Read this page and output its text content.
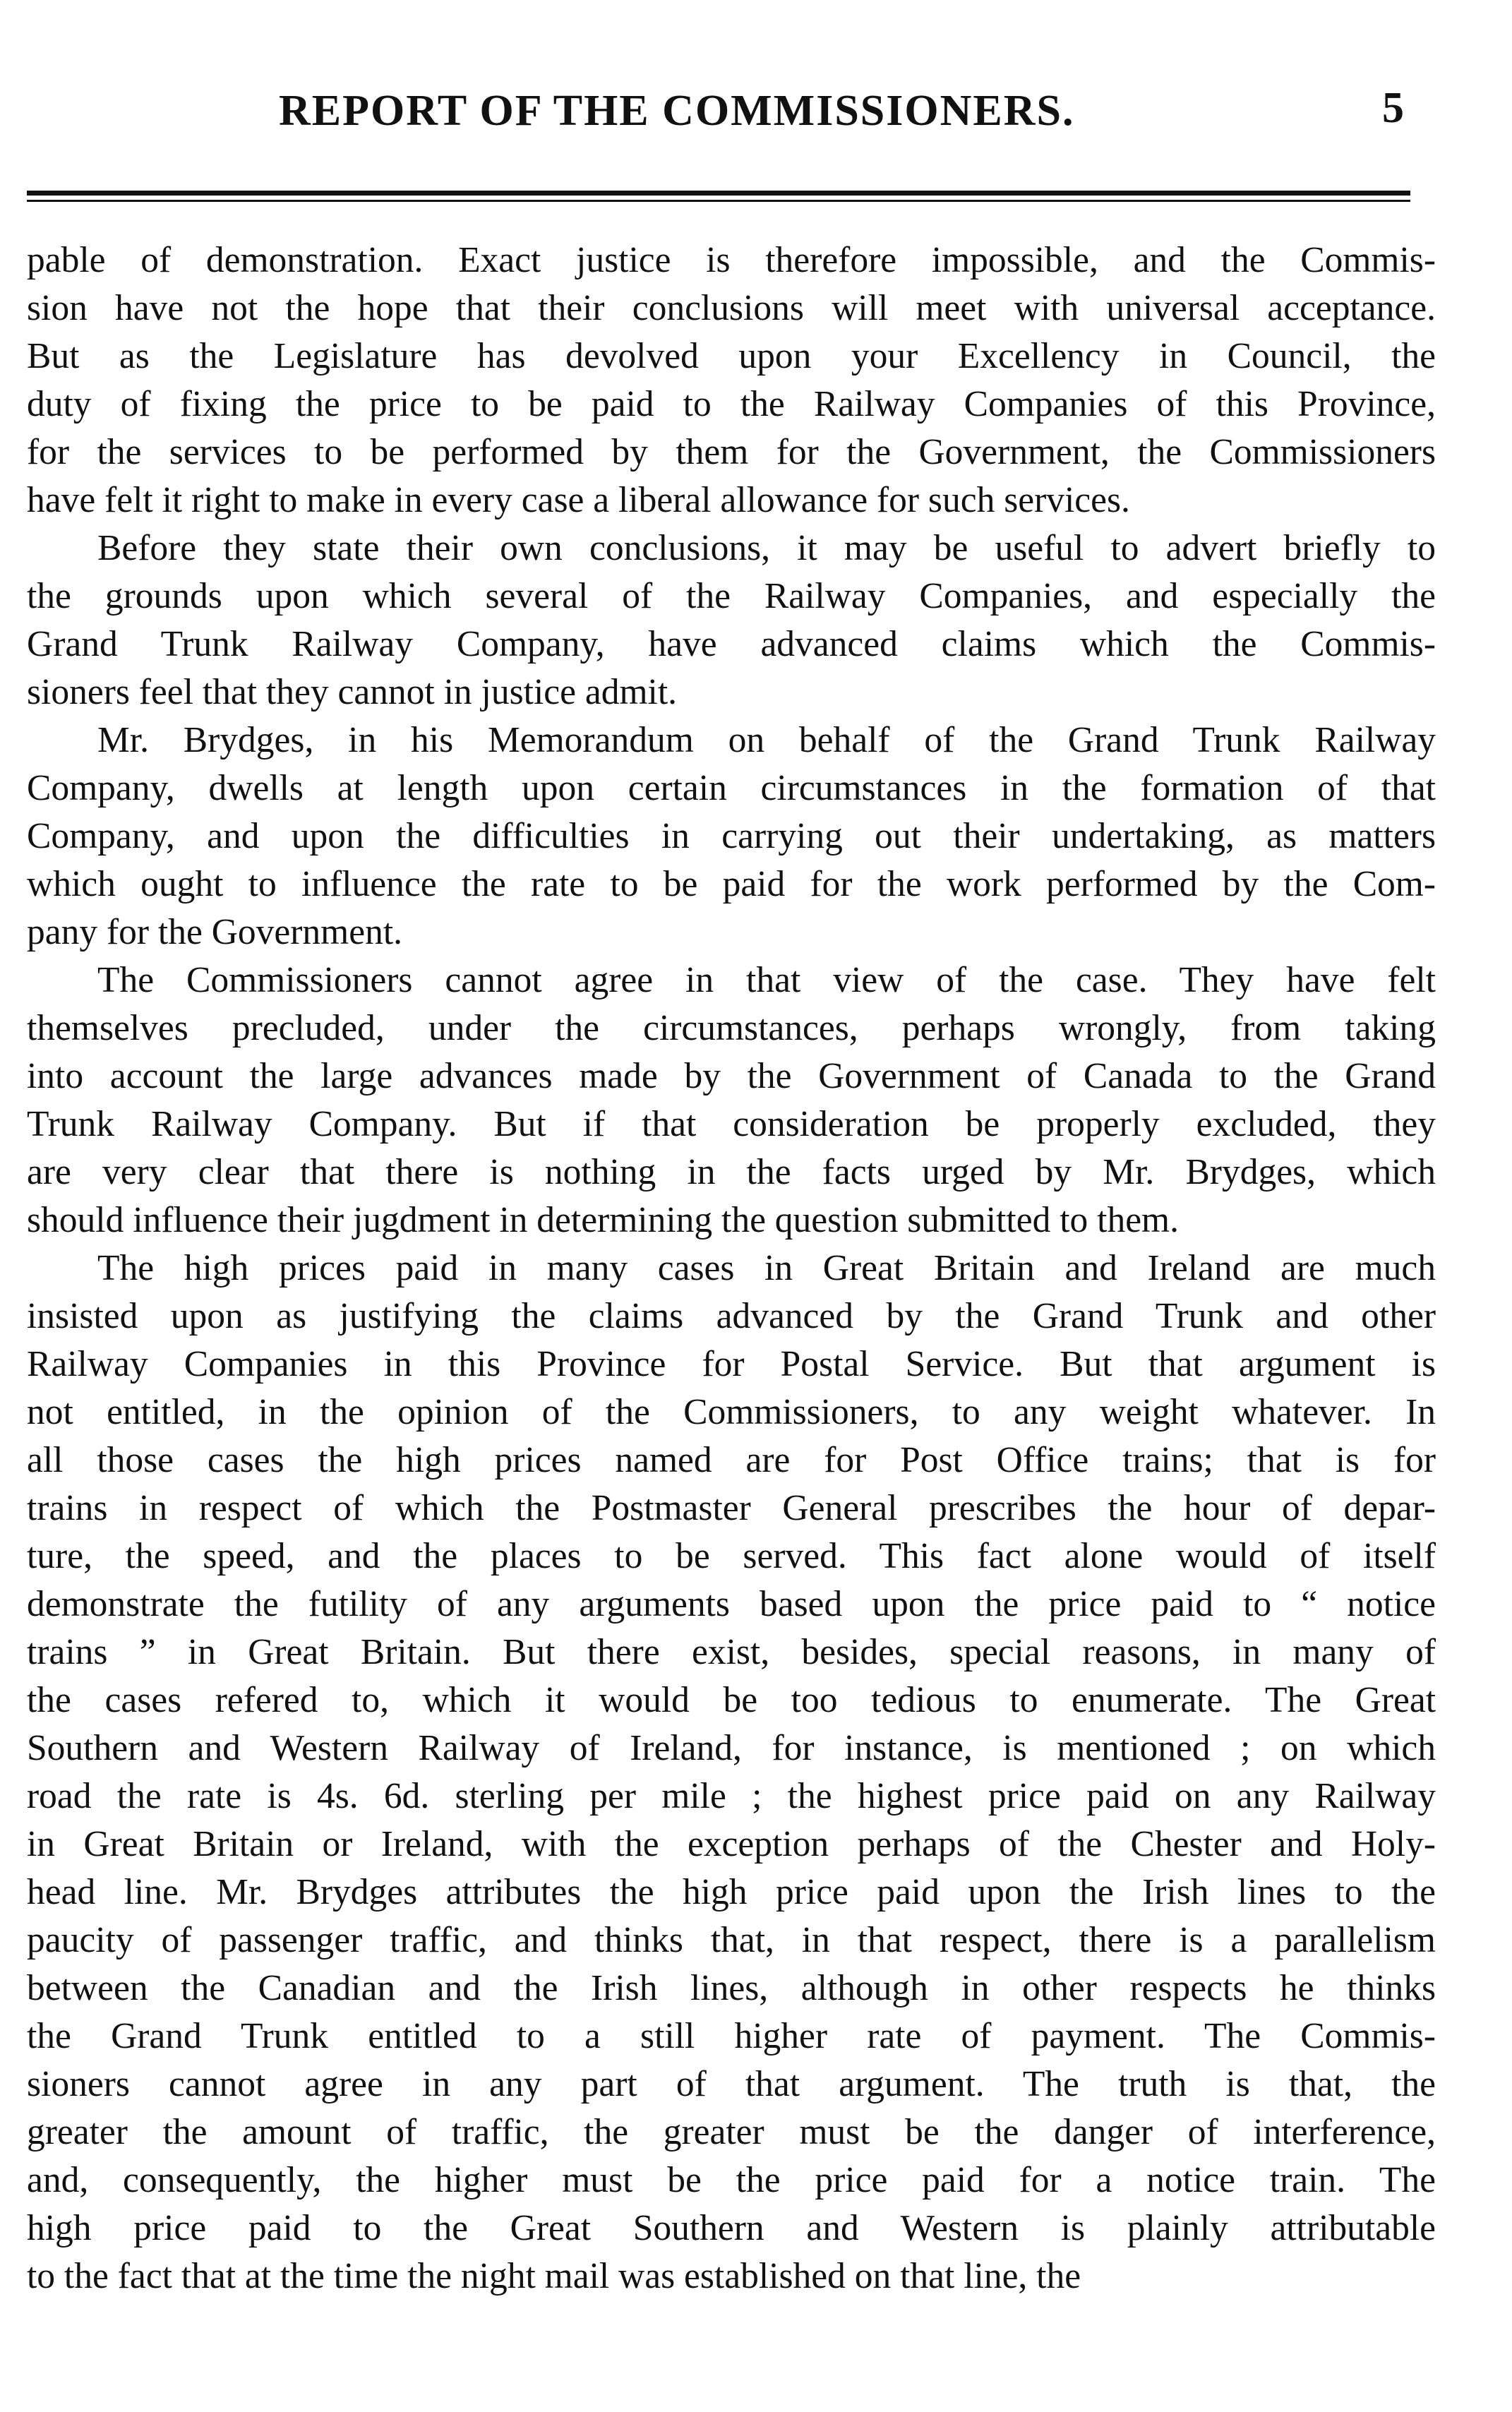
REPORT OF THE COMMISSIONERS.	5
pable of demonstration. Exact justice is therefore impossible, and the Commis-
sion have not the hope that their conclusions will meet with universal acceptance.
But as the Legislature has devolved upon your Excellency in Council, the
duty of fixing the price to be paid to the Railway Companies of this Province,
for the services to be performed by them for the Government, the Commissioners
have felt it right to make in every case a liberal allowance for such services.
Before they state their own conclusions, it may be useful to advert briefly to
the grounds upon which several of the Railway Companies, and especially the
Grand Trunk Railway Company, have advanced claims which the Commis-
sioners feel that they cannot in justice admit.
Mr. Brydges, in his Memorandum on behalf of the Grand Trunk Railway
Company, dwells at length upon certain circumstances in the formation of that
Company, and upon the difficulties in carrying out their undertaking, as matters
which ought to influence the rate to be paid for the work performed by the Com-
pany for the Government.
The Commissioners cannot agree in that view of the case. They have felt
themselves precluded, under the circumstances, perhaps wrongly, from taking
into account the large advances made by the Government of Canada to the Grand
Trunk Railway Company. But if that consideration be properly excluded, they
are very clear that there is nothing in the facts urged by Mr. Brydges, which
should influence their jugdment in determining the question submitted to them.
The high prices paid in many cases in Great Britain and Ireland are much
insisted upon as justifying the claims advanced by the Grand Trunk and other
Railway Companies in this Province for Postal Service. But that argument is
not entitled, in the opinion of the Commissioners, to any weight whatever. In
all those cases the high prices named are for Post Office trains; that is for
trains in respect of which the Postmaster General prescribes the hour of depar-
ture, the speed, and the places to be served. This fact alone would of itself
demonstrate the futility of any arguments based upon the price paid to “ notice
trains ” in Great Britain. But there exist, besides, special reasons, in many of
the cases refered to, which it would be too tedious to enumerate. The Great
Southern and Western Railway of Ireland, for instance, is mentioned ; on which
road the rate is 4s. 6d. sterling per mile ; the highest price paid on any Railway
in Great Britain or Ireland, with the exception perhaps of the Chester and Holy-
head line. Mr. Brydges attributes the high price paid upon the Irish lines to the
paucity of passenger traffic, and thinks that, in that respect, there is a parallelism
between the Canadian and the Irish lines, although in other respects he thinks
the Grand Trunk entitled to a still higher rate of payment. The Commis-
sioners cannot agree in any part of that argument. The truth is that, the
greater the amount of traffic, the greater must be the danger of interference,
and, consequently, the higher must be the price paid for a notice train. The
high price paid to the Great Southern and Western is plainly attributable
to the fact that at the time the night mail was established on that line, the
